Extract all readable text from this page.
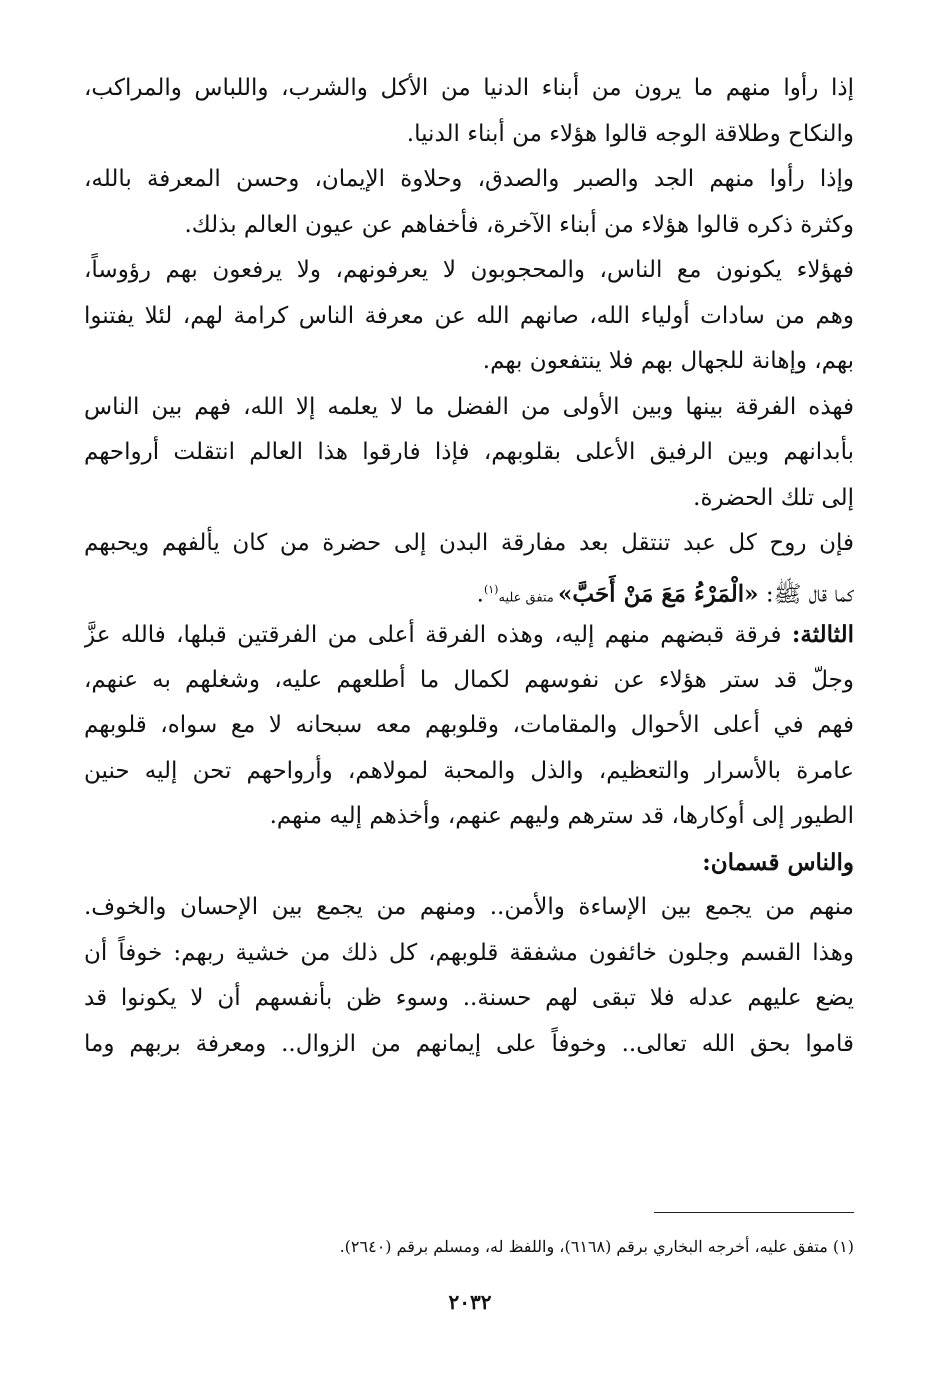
إذا رأوا منهم ما يرون من أبناء الدنيا من الأكل والشرب، واللباس والمراكب،
والنكاح وطلاقة الوجه قالوا هؤلاء من أبناء الدنيا.
وإذا رأوا منهم الجد والصبر والصدق، وحلاوة الإيمان، وحسن المعرفة بالله،
وكثرة ذكره قالوا هؤلاء من أبناء الآخرة، فأخفاهم عن عيون العالم بذلك.
فهؤلاء يكونون مع الناس، والمحجوبون لا يعرفونهم، ولا يرفعون بهم رؤوساً،
وهم من سادات أولياء الله، صانهم الله عن معرفة الناس كرامة لهم، لئلا يفتنوا
بهم، وإهانة للجهال بهم فلا ينتفعون بهم.
فهذه الفرقة بينها وبين الأولى من الفضل ما لا يعلمه إلا الله، فهم بين الناس
بأبدانهم وبين الرفيق الأعلى بقلوبهم، فإذا فارقوا هذا العالم انتقلت أرواحهم
إلى تلك الحضرة.
فإن روح كل عبد تنتقل بعد مفارقة البدن إلى حضرة من كان يألفهم ويحبهم
كما قال ﷺ: «الْمَرْءُ مَعَ مَنْ أَحَبَّ» متفق عليه$^{(١)}$.
الثالثة: فرقة قبضهم منهم إليه، وهذه الفرقة أعلى من الفرقتين قبلها، فالله عزَّ
وجلّ قد ستر هؤلاء عن نفوسهم لكمال ما أطلعهم عليه، وشغلهم به عنهم،
فهم في أعلى الأحوال والمقامات، وقلوبهم معه سبحانه لا مع سواه، قلوبهم
عامرة بالأسرار والتعظيم، والذل والمحبة لمولاهم، وأرواحهم تحن إليه حنين
الطيور إلى أوكارها، قد سترهم وليهم عنهم، وأخذهم إليه منهم.
والناس قسمان:
منهم من يجمع بين الإساءة والأمن.. ومنهم من يجمع بين الإحسان والخوف.
وهذا القسم وجلون خائفون مشفقة قلوبهم، كل ذلك من خشية ربهم: خوفاً أن
يضع عليهم عدله فلا تبقى لهم حسنة.. وسوء ظن بأنفسهم أن لا يكونوا قد
قاموا بحق الله تعالى.. وخوفاً على إيمانهم من الزوال.. ومعرفة بربهم وما
(١) متفق عليه، أخرجه البخاري برقم (٦١٦٨)، واللفظ له، ومسلم برقم (٢٦٤٠).
٢٠٣٢
